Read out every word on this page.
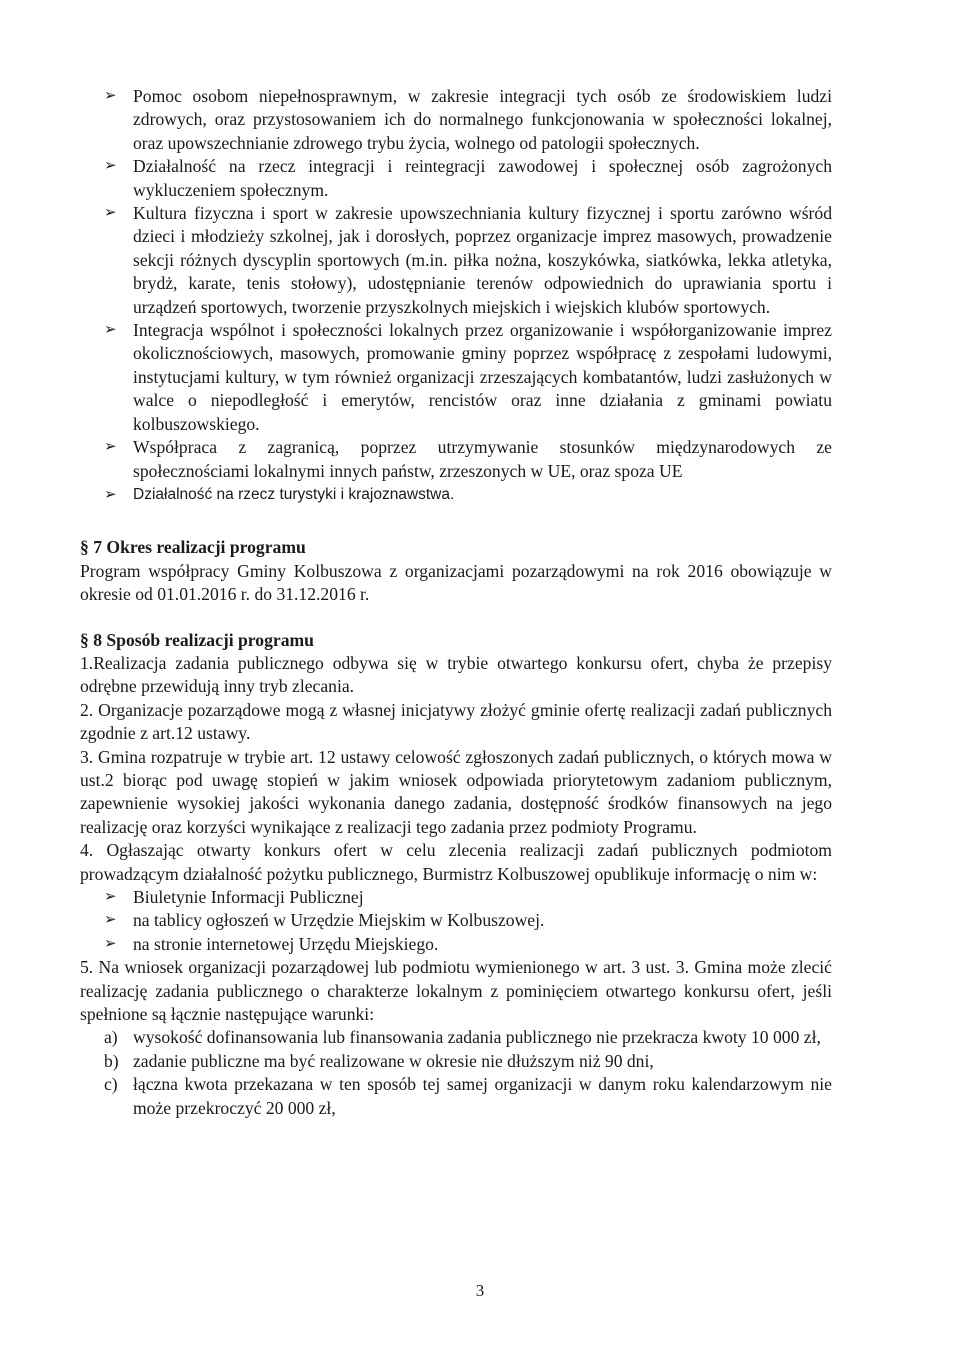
➢ Pomoc osobom niepełnosprawnym, w zakresie integracji tych osób ze środowiskiem ludzi zdrowych, oraz przystosowaniem ich do normalnego funkcjonowania w społeczności lokalnej, oraz upowszechnianie zdrowego trybu życia, wolnego od patologii społecznych.
➢ Działalność na rzecz integracji i reintegracji zawodowej i społecznej osób zagrożonych wykluczeniem społecznym.
➢ Kultura fizyczna i sport w zakresie upowszechniania kultury fizycznej i sportu zarówno wśród dzieci i młodzieży szkolnej, jak i dorosłych, poprzez organizacje imprez masowych, prowadzenie sekcji różnych dyscyplin sportowych (m.in. piłka nożna, koszykówka, siatkówka, lekka atletyka, brydż, karate, tenis stołowy), udostępnianie terenów odpowiednich do uprawiania sportu i urządzeń sportowych, tworzenie przyszkolnych miejskich i wiejskich klubów sportowych.
➢ Integracja wspólnot i społeczności lokalnych przez organizowanie i współorganizowanie imprez okolicznościowych, masowych, promowanie gminy poprzez współpracę z zespołami ludowymi, instytucjami kultury, w tym również organizacji zrzeszających kombatantów, ludzi zasłużonych w walce o niepodległość i emerytów, rencistów oraz inne działania z gminami powiatu kolbuszowskiego.
➢ Współpraca z zagranicą, poprzez utrzymywanie stosunków międzynarodowych ze społecznościami lokalnymi innych państw, zrzeszonych w UE, oraz spoza UE
➢ Działalność na rzecz turystyki i krajoznawstwa.
§ 7 Okres realizacji programu

Program współpracy Gminy Kolbuszowa z organizacjami pozarządowymi na rok 2016 obowiązuje w okresie od 01.01.2016 r. do 31.12.2016 r.

§ 8 Sposób realizacji programu

1.Realizacja zadania publicznego odbywa się w trybie otwartego konkursu ofert, chyba że przepisy odrębne przewidują inny tryb zlecania.

2. Organizacje pozarządowe mogą z własnej inicjatywy złożyć gminie ofertę realizacji zadań publicznych zgodnie z art.12 ustawy.

3. Gmina rozpatruje w trybie art. 12 ustawy celowość zgłoszonych zadań publicznych, o których mowa w ust.2 biorąc pod uwagę stopień w jakim wniosek odpowiada priorytetowym zadaniom publicznym, zapewnienie wysokiej jakości wykonania danego zadania, dostępność środków finansowych na jego realizację oraz korzyści wynikające z realizacji tego zadania przez podmioty Programu.

4. Ogłaszając otwarty konkurs ofert w celu zlecenia realizacji zadań publicznych podmiotom prowadzącym działalność pożytku publicznego, Burmistrz Kolbuszowej opublikuje informację o nim w:

➢ Biuletynie Informacji Publicznej
➢ na tablicy ogłoszeń w Urzędzie Miejskim w Kolbuszowej.
➢ na stronie internetowej Urzędu Miejskiego.

5. Na wniosek organizacji pozarządowej lub podmiotu wymienionego w art. 3 ust. 3. Gmina może zlecić realizację zadania publicznego o charakterze lokalnym z pominięciem otwartego konkursu ofert, jeśli spełnione są łącznie następujące warunki:

a) wysokość dofinansowania lub finansowania zadania publicznego nie przekracza kwoty 10 000 zł,
b) zadanie publiczne ma być realizowane w okresie nie dłuższym niż 90 dni,
c) łączna kwota przekazana w ten sposób tej samej organizacji w danym roku kalendarzowym nie może przekroczyć 20 000 zł,
3
